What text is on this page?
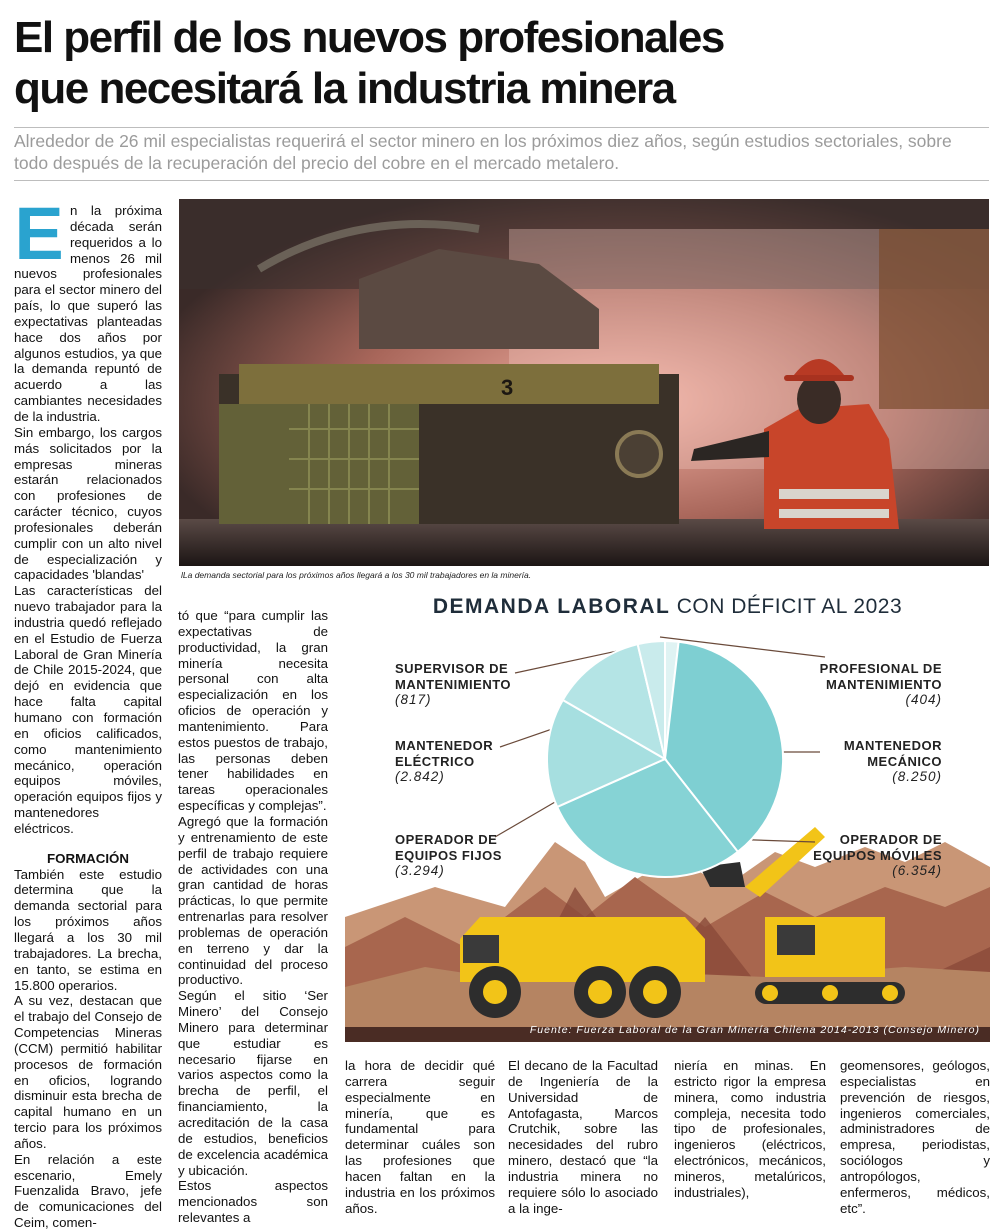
El perfil de los nuevos profesionales
que necesitará la industria minera

Alrededor de 26 mil especialistas requerirá el sector minero en los próximos diez años, según estudios sectoriales, sobre todo después de la recuperación del precio del cobre en el mercado metalero.

E n la próxima década serán requeridos a lo menos 26 mil nuevos profesionales para el sector minero del país, lo que superó las expectativas planteadas hace dos años por algunos estudios, ya que la demanda repuntó de acuerdo a las cambiantes necesidades de la industria.

Sin embargo, los cargos más solicitados por la empresas mineras estarán relacionados con profesiones de carácter técnico, cuyos profesionales deberán cumplir con un alto nivel de especialización y capacidades 'blandas'

Las características del nuevo trabajador para la industria quedó reflejado en el Estudio de Fuerza Laboral de Gran Minería de Chile 2015-2024, que dejó en evidencia que hace falta capital humano con formación en oficios calificados, como mantenimiento mecánico, operación equipos móviles, operación equipos fijos y mantenedores eléctricos.

FORMACIÓN

También este estudio determina que la demanda sectorial para los próximos años llegará a los 30 mil trabajadores. La brecha, en tanto, se estima en 15.800 operarios.

A su vez, destacan que el trabajo del Consejo de Competencias Mineras (CCM) permitió habilitar procesos de formación en oficios, logrando disminuir esta brecha de capital humano en un tercio para los próximos años.

En relación a este escenario, Emely Fuenzalida Bravo, jefe de comunicaciones del Ceim, comen-

tó que “para cumplir las expectativas de productividad, la gran minería necesita personal con alta especialización en los oficios de operación y mantenimiento. Para estos puestos de trabajo, las personas deben tener habilidades en tareas operacionales específicas y complejas”.

Agregó que la formación y entrenamiento de este perfil de trabajo requiere de actividades con una gran cantidad de horas prácticas, lo que permite entrenarlas para resolver problemas de operación en terreno y dar la continuidad del proceso productivo.

Según el sitio ‘Ser Minero’ del Consejo Minero para determinar que estudiar es necesario fijarse en varios aspectos como la brecha de perfil, el financiamiento, la acreditación de la casa de estudios, beneficios de excelencia académica y ubicación.

Estos aspectos mencionados son relevantes a

la hora de decidir qué carrera seguir especialmente en minería, que es fundamental para determinar cuáles son las profesiones que hacen faltan en la industria en los próximos años.

El decano de la Facultad de Ingeniería de la Universidad de Antofagasta, Marcos Crutchik, sobre las necesidades del rubro minero, destacó que “la industria minera no requiere sólo lo asociado a la inge-

niería en minas. En estricto rigor la empresa minera, como industria compleja, necesita todo tipo de profesionales, ingenieros (eléctricos, electrónicos, mecánicos, mineros, metalúricos, industriales),

geomensores, geólogos, especialistas en prevención de riesgos, ingenieros comerciales, administradores de empresa, periodistas, sociólogos y antropólogos, enfermeros, médicos, etc”.

3
lLa demanda sectorial para los próximos años llegará a los 30 mil trabajadores en la minería.
DEMANDA LABORAL CON DÉFICIT AL 2023
PROFESIONAL DE
MANTENIMIENTO
(404)
MANTENEDOR
MECÁNICO
(8.250)
OPERADOR DE
EQUIPOS MÓVILES
(6.354)
OPERADOR DE
EQUIPOS FIJOS
(3.294)
MANTENEDOR
ELÉCTRICO
(2.842)
SUPERVISOR DE
MANTENIMIENTO
(817)
Fuente: Fuerza Laboral de la Gran Minería Chilena 2014-2013 (Consejo Minero)
